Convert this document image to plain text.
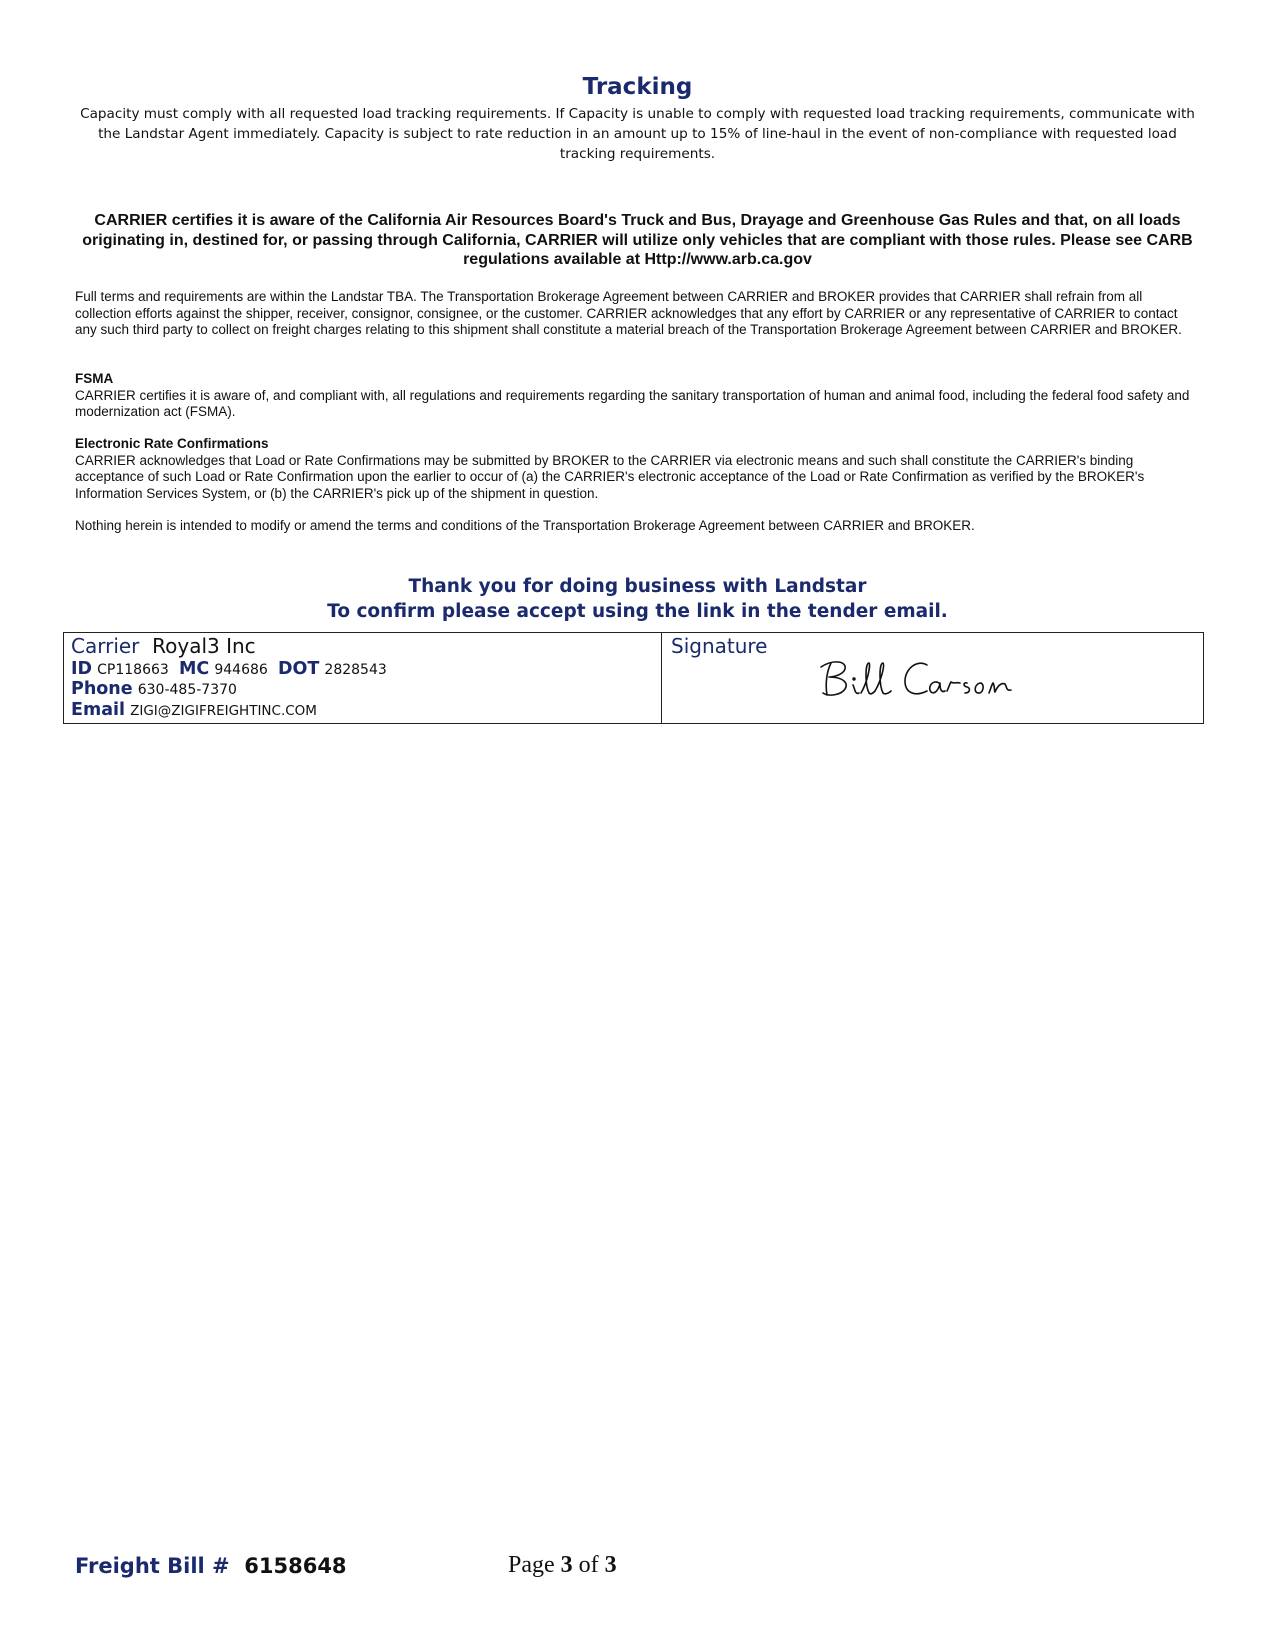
Tracking
Capacity must comply with all requested load tracking requirements. If Capacity is unable to comply with requested load tracking requirements, communicate with the Landstar Agent immediately. Capacity is subject to rate reduction in an amount up to 15% of line-haul in the event of non-compliance with requested load tracking requirements.
CARRIER certifies it is aware of the California Air Resources Board's Truck and Bus, Drayage and Greenhouse Gas Rules and that, on all loads originating in, destined for, or passing through California, CARRIER will utilize only vehicles that are compliant with those rules. Please see CARB regulations available at Http://www.arb.ca.gov
Full terms and requirements are within the Landstar TBA. The Transportation Brokerage Agreement between CARRIER and BROKER provides that CARRIER shall refrain from all collection efforts against the shipper, receiver, consignor, consignee, or the customer. CARRIER acknowledges that any effort by CARRIER or any representative of CARRIER to contact any such third party to collect on freight charges relating to this shipment shall constitute a material breach of the Transportation Brokerage Agreement between CARRIER and BROKER.
FSMA
CARRIER certifies it is aware of, and compliant with, all regulations and requirements regarding the sanitary transportation of human and animal food, including the federal food safety and modernization act (FSMA).
Electronic Rate Confirmations
CARRIER acknowledges that Load or Rate Confirmations may be submitted by BROKER to the CARRIER via electronic means and such shall constitute the CARRIER's binding acceptance of such Load or Rate Confirmation upon the earlier to occur of (a) the CARRIER's electronic acceptance of the Load or Rate Confirmation as verified by the BROKER's Information Services System, or (b) the CARRIER's pick up of the shipment in question.
Nothing herein is intended to modify or amend the terms and conditions of the Transportation Brokerage Agreement between CARRIER and BROKER.
Thank you for doing business with Landstar
To confirm please accept using the link in the tender email.
Carrier Royal3 Inc
ID CP118663 MC 944686 DOT 2828543
Phone 630-485-7370
Email ZIGI@ZIGIFREIGHTINC.COM
Signature
Freight Bill # 6158648	Page 3 of 3
